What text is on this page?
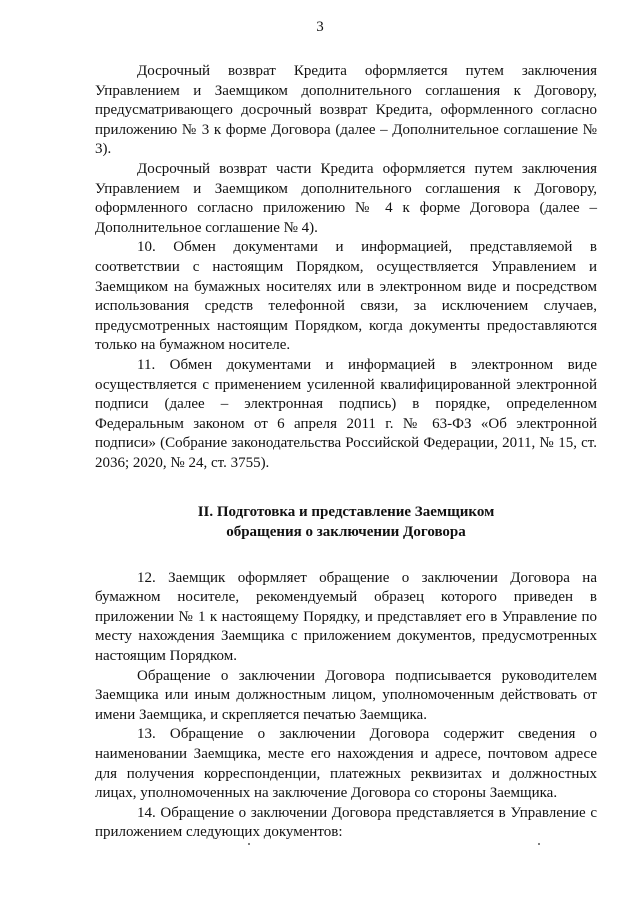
3

Досрочный возврат Кредита оформляется путем заключения Управлением и Заемщиком дополнительного соглашения к Договору, предусматривающего досрочный возврат Кредита, оформленного согласно приложению № 3 к форме Договора (далее – Дополнительное соглашение № 3).

Досрочный возврат части Кредита оформляется путем заключения Управлением и Заемщиком дополнительного соглашения к Договору, оформленного согласно приложению № 4 к форме Договора (далее – Дополнительное соглашение № 4).

10. Обмен документами и информацией, представляемой в соответствии с настоящим Порядком, осуществляется Управлением и Заемщиком на бумажных носителях или в электронном виде и посредством использования средств телефонной связи, за исключением случаев, предусмотренных настоящим Порядком, когда документы предоставляются только на бумажном носителе.

11. Обмен документами и информацией в электронном виде осуществляется с применением усиленной квалифицированной электронной подписи (далее – электронная подпись) в порядке, определенном Федеральным законом от 6 апреля 2011 г. № 63-ФЗ «Об электронной подписи» (Собрание законодательства Российской Федерации, 2011, № 15, ст. 2036; 2020, № 24, ст. 3755).

II. Подготовка и представление Заемщиком
обращения о заключении Договора

12. Заемщик оформляет обращение о заключении Договора на бумажном носителе, рекомендуемый образец которого приведен в приложении № 1 к настоящему Порядку, и представляет его в Управление по месту нахождения Заемщика с приложением документов, предусмотренных настоящим Порядком.

Обращение о заключении Договора подписывается руководителем Заемщика или иным должностным лицом, уполномоченным действовать от имени Заемщика, и скрепляется печатью Заемщика.

13. Обращение о заключении Договора содержит сведения о наименовании Заемщика, месте его нахождения и адресе, почтовом адресе для получения корреспонденции, платежных реквизитах и должностных лицах, уполномоченных на заключение Договора со стороны Заемщика.

14. Обращение о заключении Договора представляется в Управление с приложением следующих документов:
